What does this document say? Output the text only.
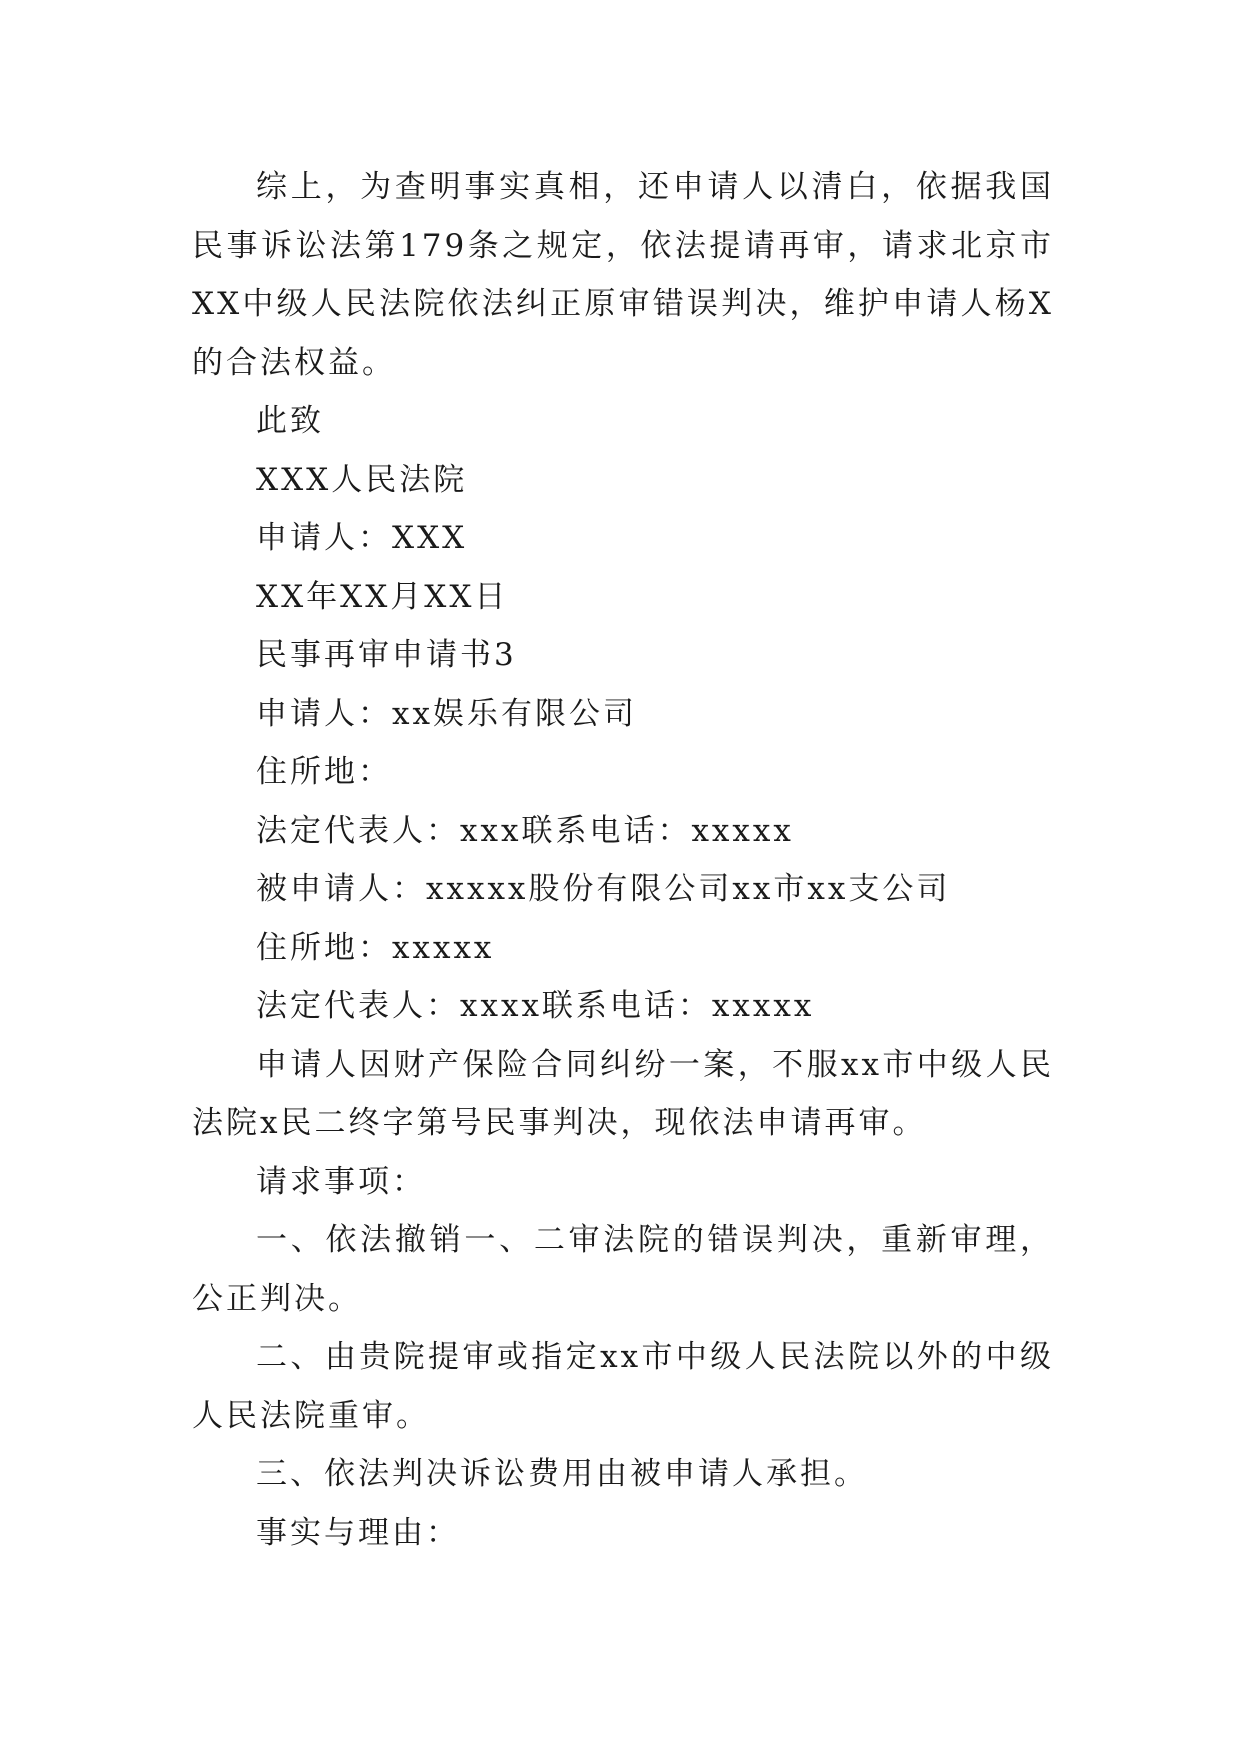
综上，为查明事实真相，还申请人以清白，依据我国民事诉讼法第179条之规定，依法提请再审，请求北京市XX中级人民法院依法纠正原审错误判决，维护申请人杨X的合法权益。

此致

XXX人民法院

申请人：XXX

XX年XX月XX日

民事再审申请书3

申请人：xx娱乐有限公司

住所地：

法定代表人：xxx联系电话：xxxxx

被申请人：xxxxx股份有限公司xx市xx支公司

住所地：xxxxx

法定代表人：xxxx联系电话：xxxxx

申请人因财产保险合同纠纷一案，不服xx市中级人民法院x民二终字第号民事判决，现依法申请再审。

请求事项：

一、依法撤销一、二审法院的错误判决，重新审理，公正判决。

二、由贵院提审或指定xx市中级人民法院以外的中级人民法院重审。

三、依法判决诉讼费用由被申请人承担。

事实与理由：
